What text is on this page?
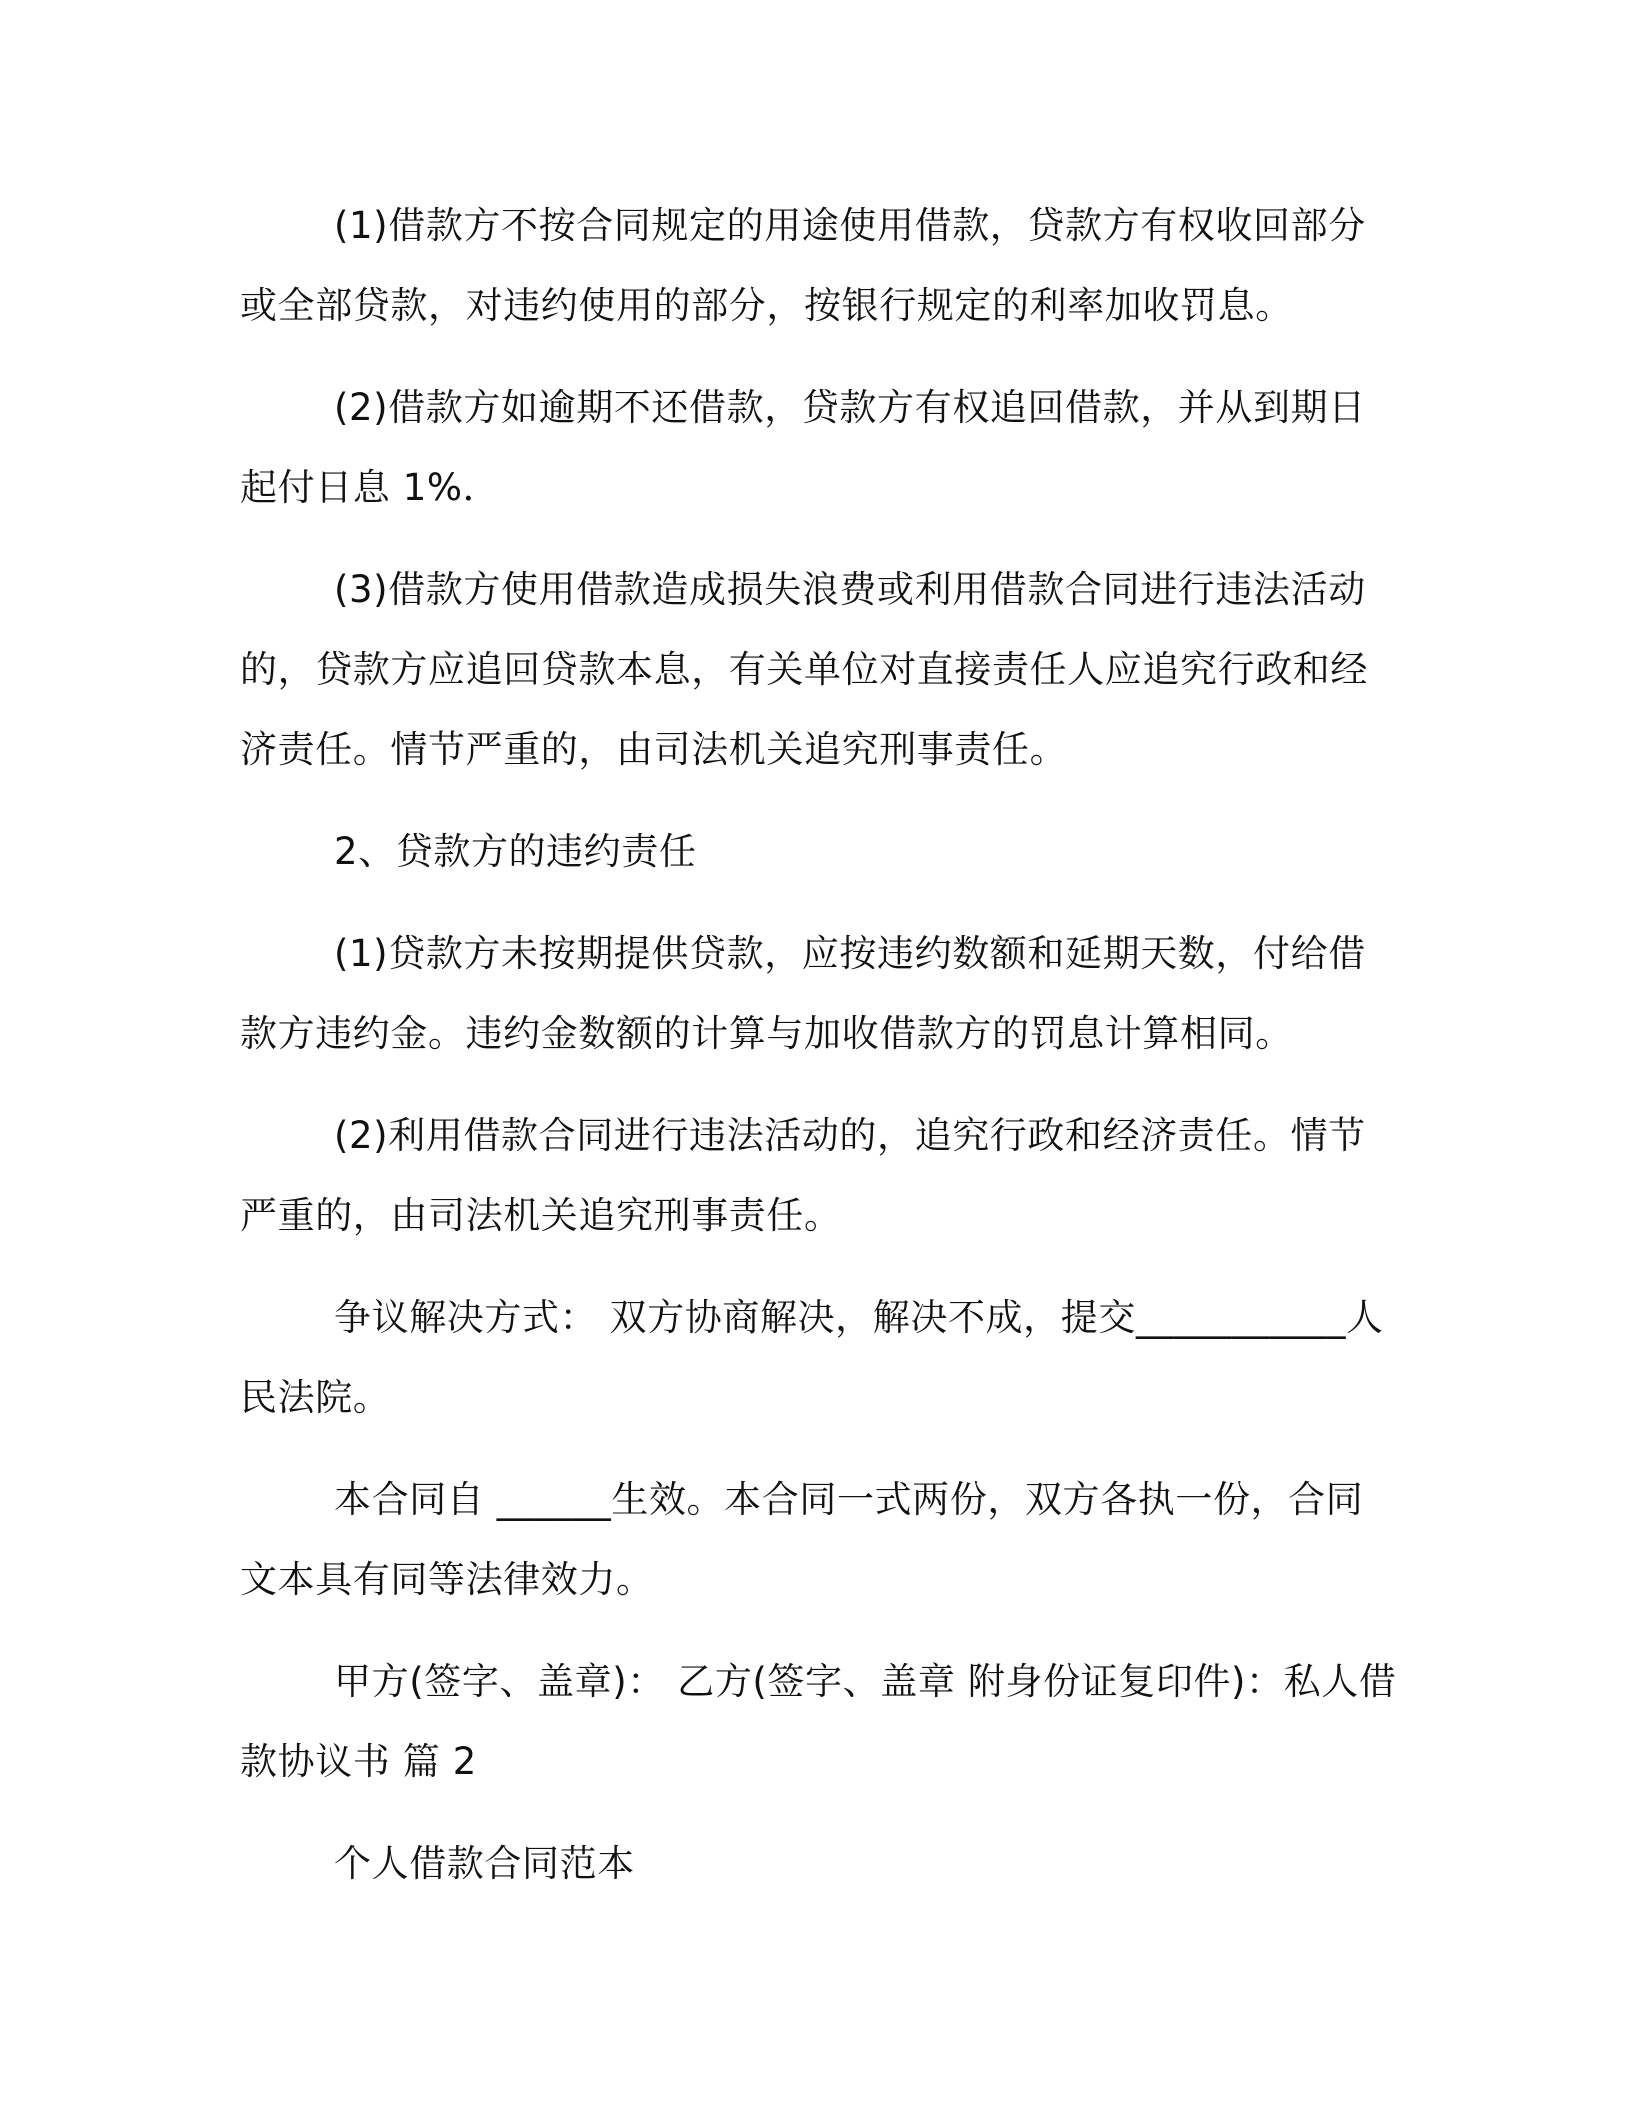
(1)借款方不按合同规定的用途使用借款，贷款方有权收回部分或全部贷款，对违约使用的部分，按银行规定的利率加收罚息。

(2)借款方如逾期不还借款，贷款方有权追回借款，并从到期日起付日息 1%．

(3)借款方使用借款造成损失浪费或利用借款合同进行违法活动的，贷款方应追回贷款本息，有关单位对直接责任人应追究行政和经济责任。情节严重的，由司法机关追究刑事责任。

2、贷款方的违约责任

(1)贷款方未按期提供贷款，应按违约数额和延期天数，付给借款方违约金。违约金数额的计算与加收借款方的罚息计算相同。

(2)利用借款合同进行违法活动的，追究行政和经济责任。情节严重的，由司法机关追究刑事责任。

争议解决方式： 双方协商解决，解决不成，提交___________人民法院。

本合同自 ______生效。本合同一式两份，双方各执一份，合同文本具有同等法律效力。

甲方(签字、盖章)： 乙方(签字、盖章 附身份证复印件)：私人借款协议书 篇 2

个人借款合同范本
